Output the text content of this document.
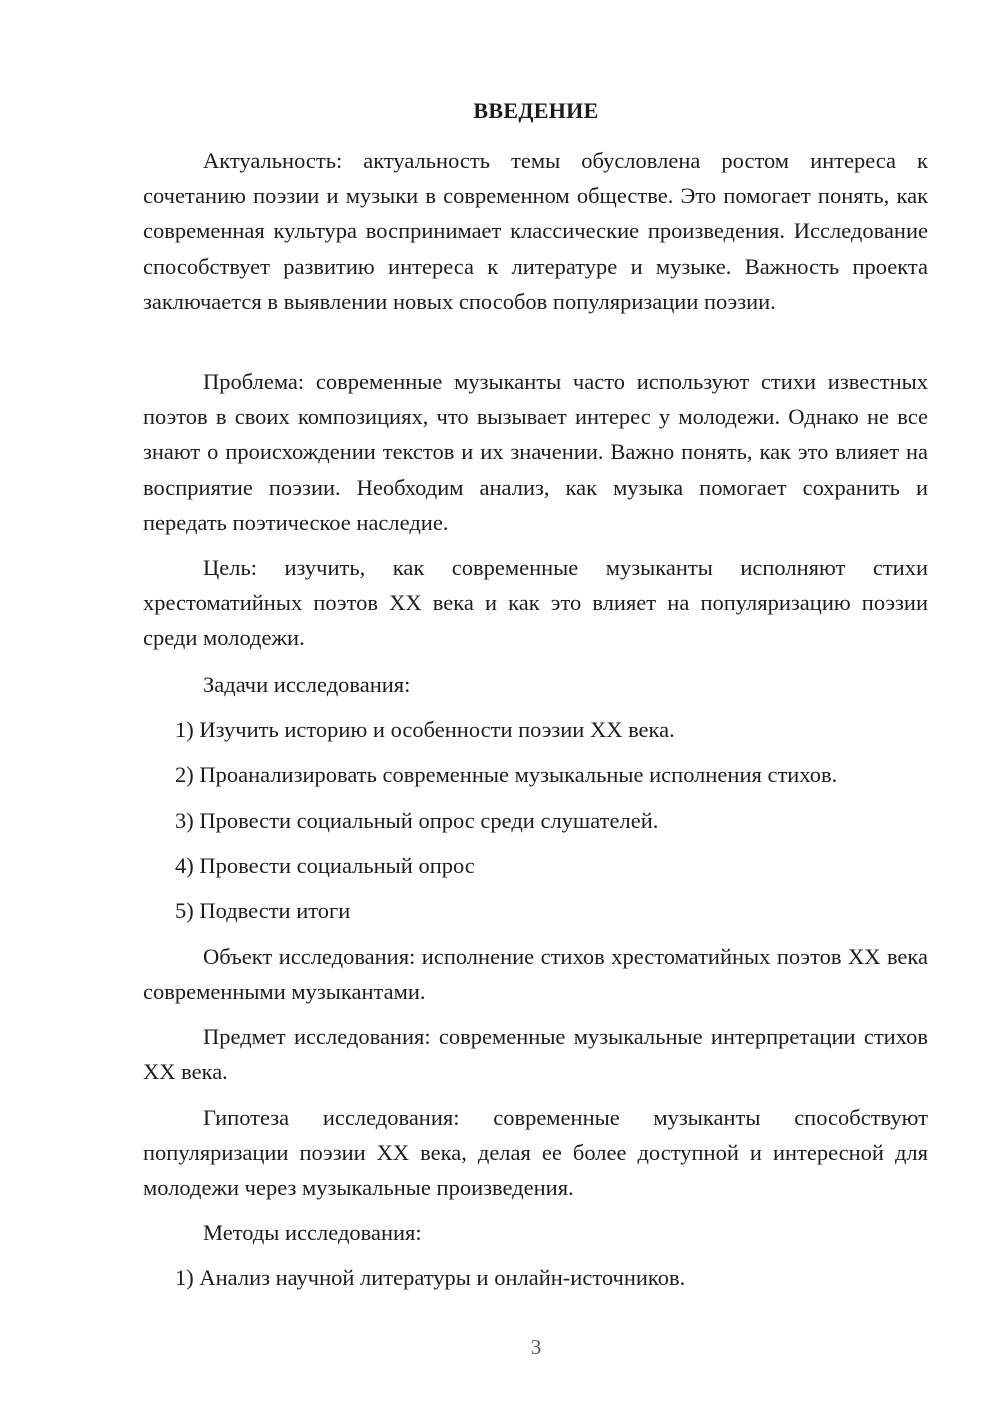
ВВЕДЕНИЕ

Актуальность: актуальность темы обусловлена ростом интереса к сочетанию поэзии и музыки в современном обществе. Это помогает понять, как современная культура воспринимает классические произведения. Исследование способствует развитию интереса к литературе и музыке. Важность проекта заключается в выявлении новых способов популяризации поэзии.

Проблема: современные музыканты часто используют стихи известных поэтов в своих композициях, что вызывает интерес у молодежи. Однако не все знают о происхождении текстов и их значении. Важно понять, как это влияет на восприятие поэзии. Необходим анализ, как музыка помогает сохранить и передать поэтическое наследие.

Цель: изучить, как современные музыканты исполняют стихи хрестоматийных поэтов XX века и как это влияет на популяризацию поэзии среди молодежи.

Задачи исследования:
1) Изучить историю и особенности поэзии XX века.
2) Проанализировать современные музыкальные исполнения стихов.
3) Провести социальный опрос среди слушателей.
4) Провести социальный опрос
5) Подвести итоги

Объект исследования: исполнение стихов хрестоматийных поэтов XX века современными музыкантами.

Предмет исследования: современные музыкальные интерпретации стихов XX века.

Гипотеза исследования: современные музыканты способствуют популяризации поэзии XX века, делая ее более доступной и интересной для молодежи через музыкальные произведения.

Методы исследования:
1) Анализ научной литературы и онлайн-источников.
3
